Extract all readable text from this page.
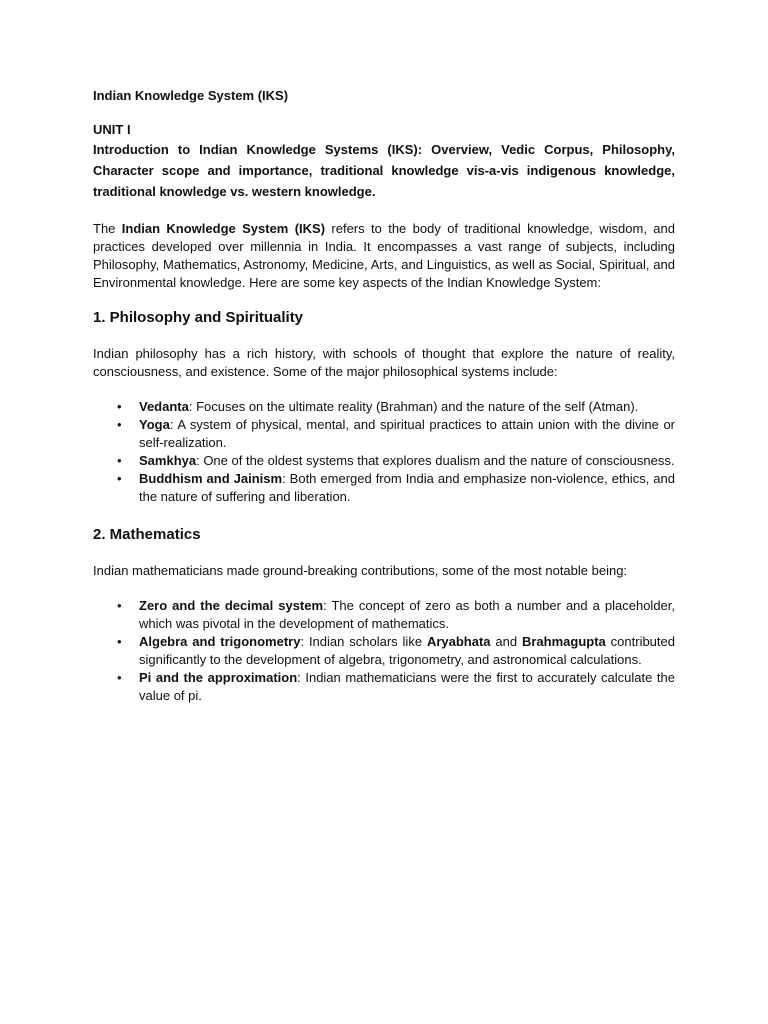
Indian Knowledge System (IKS)

UNIT I

Introduction to Indian Knowledge Systems (IKS): Overview, Vedic Corpus, Philosophy, Character scope and importance, traditional knowledge vis-a-vis indigenous knowledge, traditional knowledge vs. western knowledge.

The Indian Knowledge System (IKS) refers to the body of traditional knowledge, wisdom, and practices developed over millennia in India. It encompasses a vast range of subjects, including Philosophy, Mathematics, Astronomy, Medicine, Arts, and Linguistics, as well as Social, Spiritual, and Environmental knowledge. Here are some key aspects of the Indian Knowledge System:

1. Philosophy and Spirituality

Indian philosophy has a rich history, with schools of thought that explore the nature of reality, consciousness, and existence. Some of the major philosophical systems include:

• Vedanta: Focuses on the ultimate reality (Brahman) and the nature of the self (Atman).
• Yoga: A system of physical, mental, and spiritual practices to attain union with the divine or self-realization.
• Samkhya: One of the oldest systems that explores dualism and the nature of consciousness.
• Buddhism and Jainism: Both emerged from India and emphasize non-violence, ethics, and the nature of suffering and liberation.
2. Mathematics

Indian mathematicians made ground-breaking contributions, some of the most notable being:

• Zero and the decimal system: The concept of zero as both a number and a placeholder, which was pivotal in the development of mathematics.
• Algebra and trigonometry: Indian scholars like Aryabhata and Brahmagupta contributed significantly to the development of algebra, trigonometry, and astronomical calculations.
• Pi and the approximation: Indian mathematicians were the first to accurately calculate the value of pi.
